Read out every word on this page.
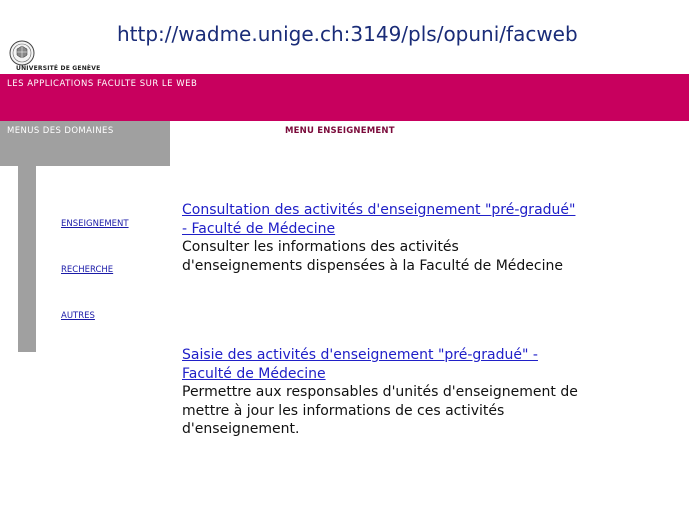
http://wadme.unige.ch:3149/pls/opuni/facweb
UNIVERSITÉ DE GENÈVE
LES APPLICATIONS FACULTE SUR LE WEB
MENUS DES DOMAINES	MENU ENSEIGNEMENT
ENSEIGNEMENT
RECHERCHE
AUTRES
Consultation des activités d'enseignement "pré-gradué" - Faculté de Médecine
Consulter les informations des activités d'enseignements dispensées à la Faculté de Médecine
Saisie des activités d'enseignement "pré-gradué" - Faculté de Médecine
Permettre aux responsables d'unités d'enseignement de mettre à jour les informations de ces activités d'enseignement.
